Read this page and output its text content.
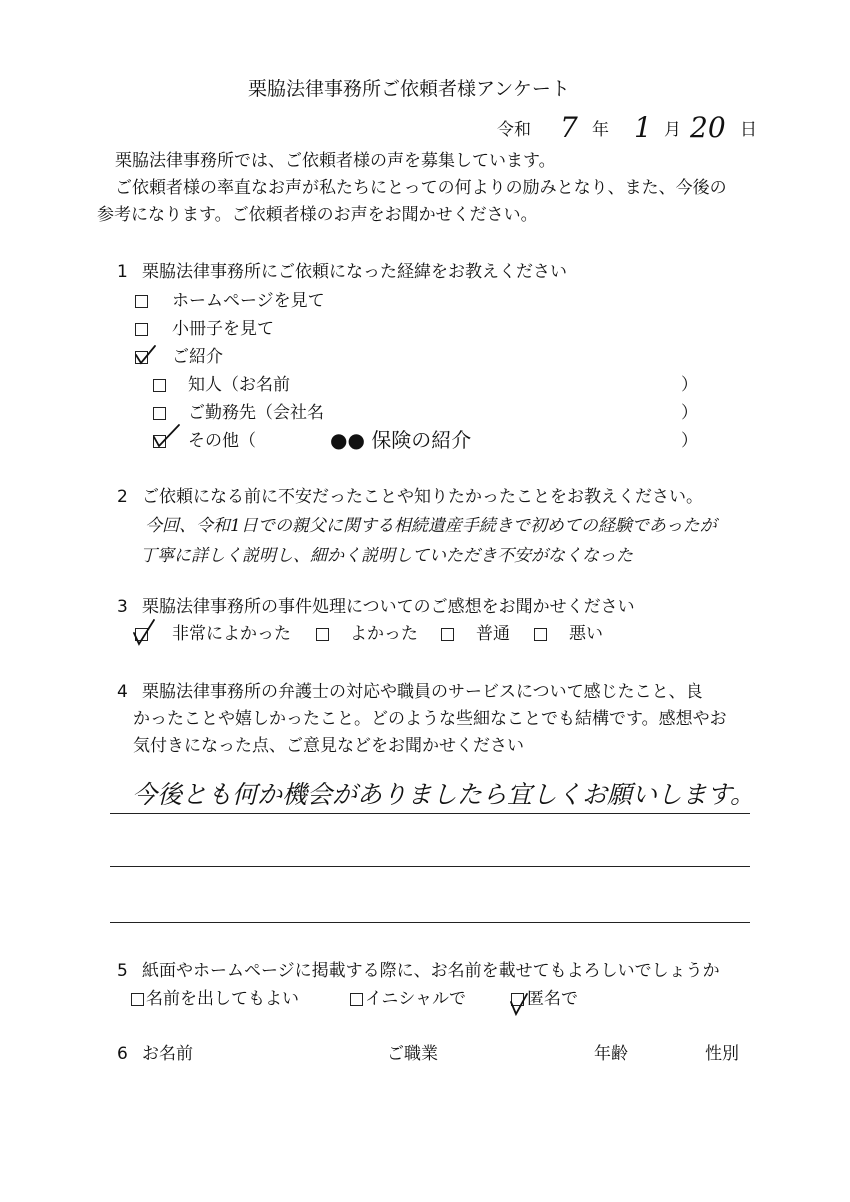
栗脇法律事務所ご依頼者様アンケート
令和 7 年 1 月 20 日
栗脇法律事務所では、ご依頼者様の声を募集しています。
ご依頼者様の率直なお声が私たちにとっての何よりの励みとなり、また、今後の
参考になります。ご依頼者様のお声をお聞かせください。
1 栗脇法律事務所にご依頼になった経緯をお教えください
ホームページを見て
小冊子を見て
ご紹介
知人（お名前	）
ご勤務先（会社名	）
その他（	●● 保険の紹介	）
2 ご依頼になる前に不安だったことや知りたかったことをお教えください。
今回、令和1日での親父に関する相続遺産手続きで初めての経験であったが
丁寧に詳しく説明し、細かく説明していただき不安がなくなった
3 栗脇法律事務所の事件処理についてのご感想をお聞かせください
非常によかった	よかった	普通	悪い
4 栗脇法律事務所の弁護士の対応や職員のサービスについて感じたこと、良
かったことや嬉しかったこと。どのような些細なことでも結構です。感想やお
気付きになった点、ご意見などをお聞かせください
今後とも何か機会がありましたら宜しくお願いします。
5 紙面やホームページに掲載する際に、お名前を載せてもよろしいでしょうか
名前を出してもよい	イニシャルで	匿名で
6 お名前	ご職業	年齢	性別
